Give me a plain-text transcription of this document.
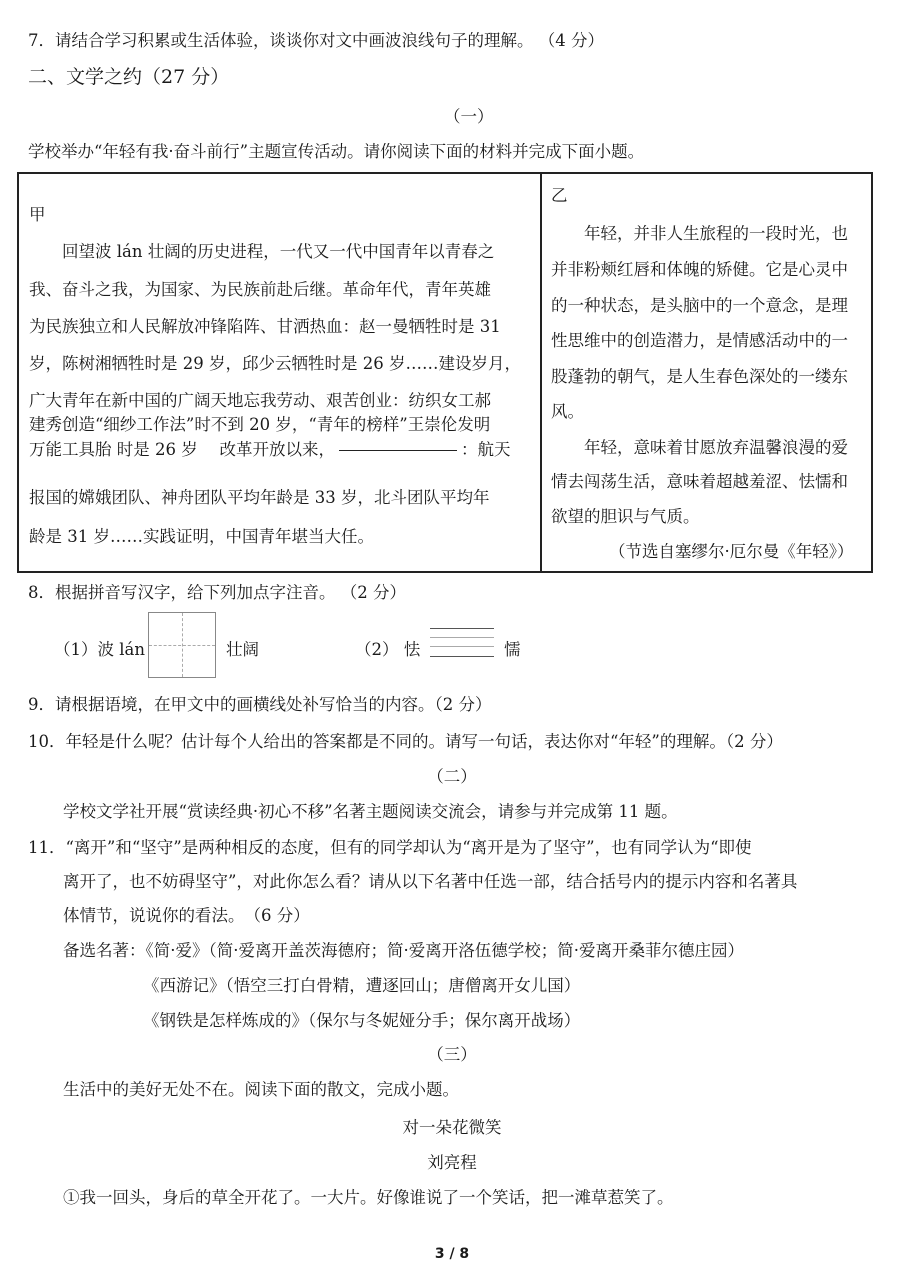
7．请结合学习积累或生活体验，谈谈你对文中画波浪线句子的理解。 （4 分）
二、文学之约（27 分）
（一）
学校举办“年轻有我·奋斗前行”主题宣传活动。请你阅读下面的材料并完成下面小题。
甲
回望波 lán 壮阔的历史进程，一代又一代中国青年以青春之
我、奋斗之我，为国家、为民族前赴后继。革命年代，青年英雄
为民族独立和人民解放冲锋陷阵、甘洒热血：赵一曼牺牲时是 31
岁，陈树湘牺牲时是 29 岁，邱少云牺牲时是 26 岁……建设岁月，
广大青年在新中国的广阔天地忘我劳动、艰苦创业：纺织女工郝
建秀创造“细纱工作法”时不到 20 岁，“青年的榜样”王崇伦发明
万能工具胎 时是 26 岁　 改革开放以来，	：航天
报国的嫦娥团队、神舟团队平均年龄是 33 岁，北斗团队平均年
龄是 31 岁……实践证明，中国青年堪当大任。
乙
年轻，并非人生旅程的一段时光，也
并非粉颊红唇和体魄的矫健。它是心灵中
的一种状态，是头脑中的一个意念，是理
性思维中的创造潜力，是情感活动中的一
股蓬勃的朝气，是人生春色深处的一缕东
风。
年轻，意味着甘愿放弃温馨浪漫的爱
情去闯荡生活，意味着超越羞涩、怯懦和
欲望的胆识与气质。
（节选自塞缪尔·厄尔曼《年轻》）
8．根据拼音写汉字，给下列加点字注音。 （2 分）
（1）波 lán	壮阔	（2） 怯	懦
9．请根据语境，在甲文中的画横线处补写恰当的内容。（2 分）
10．年轻是什么呢？估计每个人给出的答案都是不同的。请写一句话，表达你对“年轻”的理解。（2 分）
（二）
学校文学社开展“赏读经典·初心不移”名著主题阅读交流会，请参与并完成第 11 题。
11．“离开”和“坚守”是两种相反的态度，但有的同学却认为“离开是为了坚守”，也有同学认为“即使
离开了，也不妨碍坚守”，对此你怎么看？请从以下名著中任选一部，结合括号内的提示内容和名著具
体情节，说说你的看法。　（6 分）
备选名著：《简·爱》（简·爱离开盖茨海德府；简·爱离开洛伍德学校；简·爱离开桑菲尔德庄园）
《西游记》（悟空三打白骨精，遭逐回山；唐僧离开女儿国）
《钢铁是怎样炼成的》（保尔与冬妮娅分手；保尔离开战场）
（三）
生活中的美好无处不在。阅读下面的散文，完成小题。
对一朵花微笑
刘亮程
①我一回头，身后的草全开花了。一大片。好像谁说了一个笑话，把一滩草惹笑了。
3 / 8
